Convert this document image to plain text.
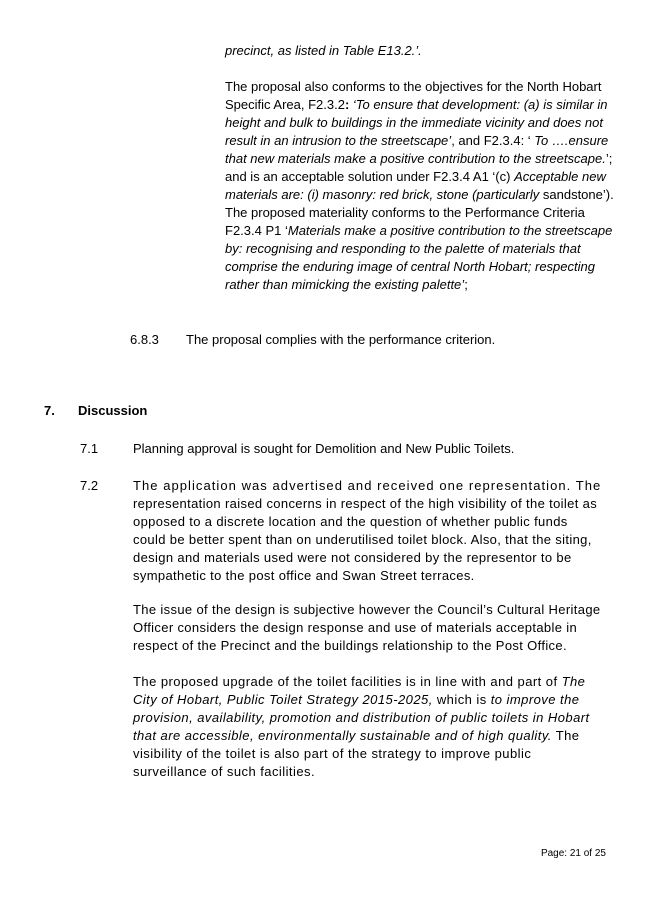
precinct, as listed in Table E13.2.’.
The proposal also conforms to the objectives for the North Hobart Specific Area, F2.3.2: ‘To ensure that development: (a) is similar in height and bulk to buildings in the immediate vicinity and does not result in an intrusion to the streetscape’, and F2.3.4: ‘ To ….ensure that new materials make a positive contribution to the streetscape.’; and is an acceptable solution under F2.3.4 A1 ‘(c) Acceptable new materials are: (i) masonry: red brick, stone (particularly sandstone’). The proposed materiality conforms to the Performance Criteria F2.3.4 P1 ‘Materials make a positive contribution to the streetscape by: recognising and responding to the palette of materials that comprise the enduring image of central North Hobart; respecting rather than mimicking the existing palette’;
6.8.3 The proposal complies with the performance criterion.
7. Discussion
7.1	Planning approval is sought for Demolition and New Public Toilets.
7.2	The application was advertised and received one representation. The
representation raised concerns in respect of the high visibility of the toilet as opposed to a discrete location and the question of whether public funds could be better spent than on underutilised toilet block. Also, that the siting, design and materials used were not considered by the representor to be sympathetic to the post office and Swan Street terraces.
The issue of the design is subjective however the Council’s Cultural Heritage Officer considers the design response and use of materials acceptable in respect of the Precinct and the buildings relationship to the Post Office.
The proposed upgrade of the toilet facilities is in line with and part of The City of Hobart, Public Toilet Strategy 2015-2025, which is to improve the provision, availability, promotion and distribution of public toilets in Hobart that are accessible, environmentally sustainable and of high quality. The visibility of the toilet is also part of the strategy to improve public surveillance of such facilities.
Page: 21 of 25
